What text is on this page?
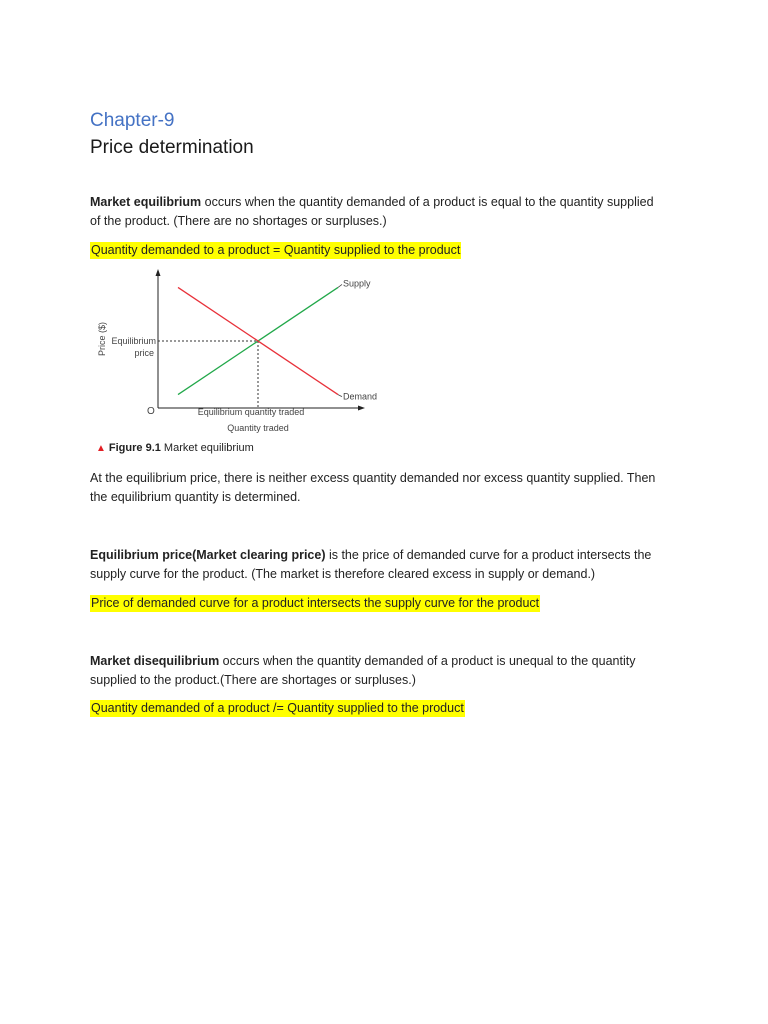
Chapter-9
Price determination
Market equilibrium occurs when the quantity demanded of a product is equal to the quantity supplied
of the product. (There are no shortages or surpluses.)
Quantity demanded to a product = Quantity supplied to the product
Price ($)
O
Supply
Demand
Equilibrium
price
Equilibrium quantity traded
Quantity traded
▲ Figure 9.1 Market equilibrium
At the equilibrium price, there is neither excess quantity demanded nor excess quantity supplied. Then
the equilibrium quantity is determined.
Equilibrium price(Market clearing price) is the price of demanded curve for a product intersects the
supply curve for the product. (The market is therefore cleared excess in supply or demand.)
Price of demanded curve for a product intersects the supply curve for the product
Market disequilibrium occurs when the quantity demanded of a product is unequal to the quantity
supplied to the product.(There are shortages or surpluses.)
Quantity demanded of a product /= Quantity supplied to the product
